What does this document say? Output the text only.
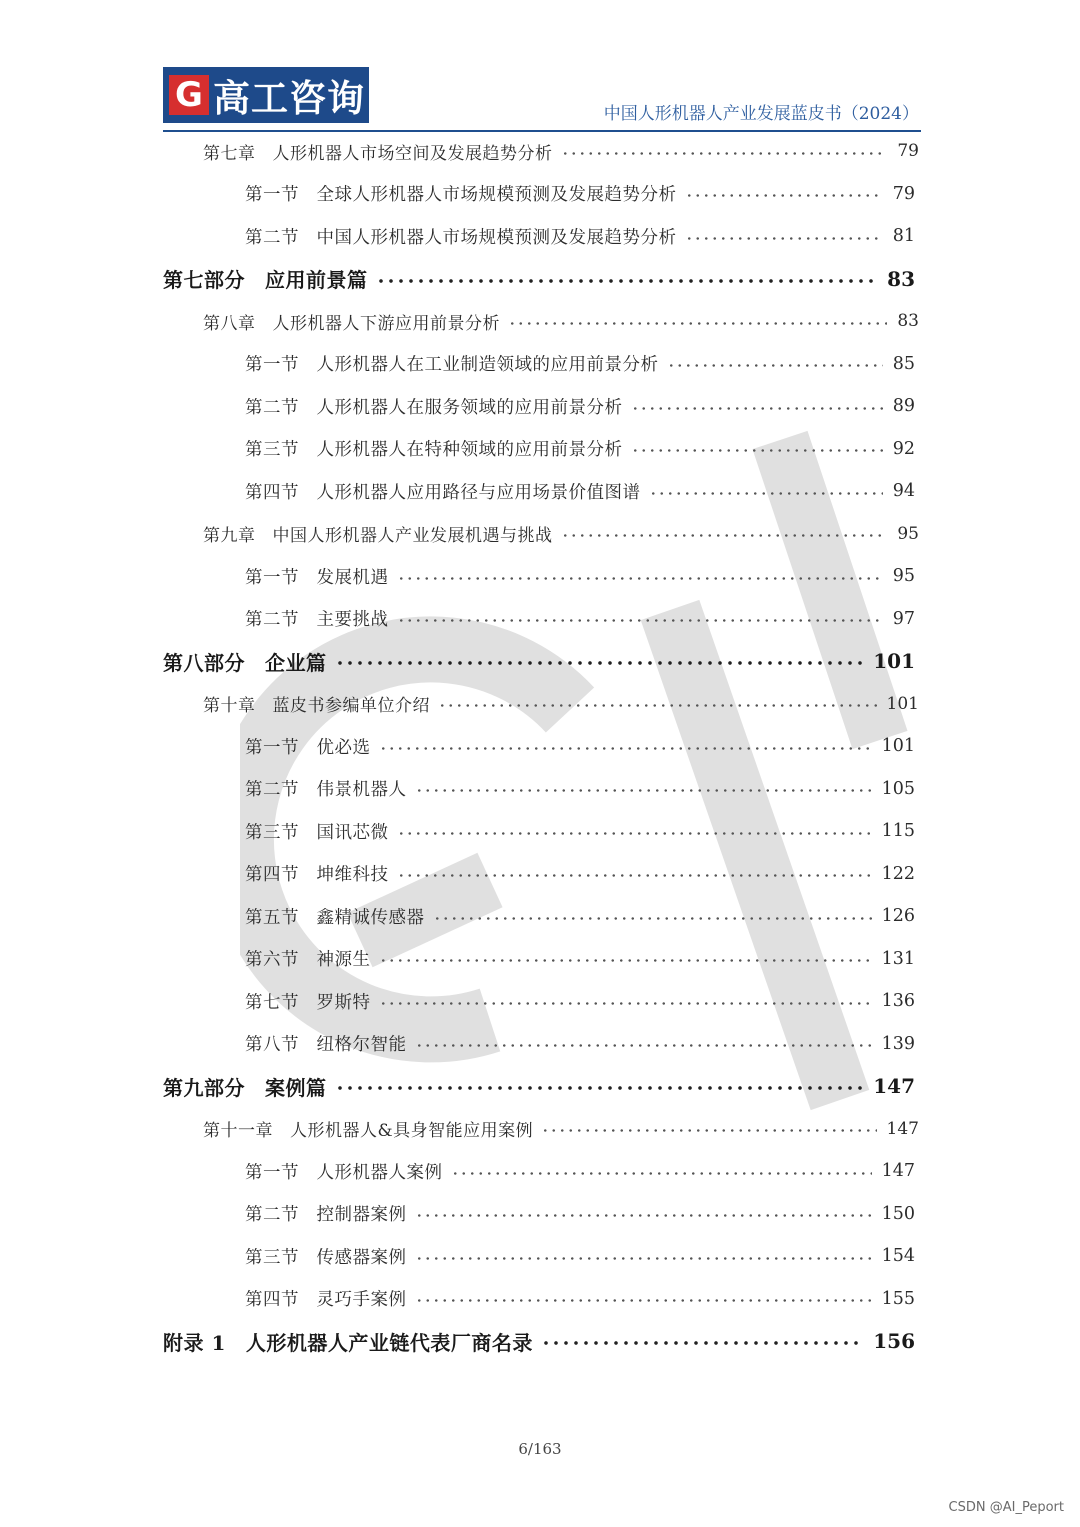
G 高工咨询	中国人形机器人产业发展蓝皮书（2024）
第七章 人形机器人市场空间及发展趋势分析	79
第一节 全球人形机器人市场规模预测及发展趋势分析	79
第二节 中国人形机器人市场规模预测及发展趋势分析	81
第七部分 应用前景篇	83
第八章 人形机器人下游应用前景分析	83
第一节 人形机器人在工业制造领域的应用前景分析	85
第二节 人形机器人在服务领域的应用前景分析	89
第三节 人形机器人在特种领域的应用前景分析	92
第四节 人形机器人应用路径与应用场景价值图谱	94
第九章 中国人形机器人产业发展机遇与挑战	95
第一节 发展机遇	95
第二节 主要挑战	97
第八部分 企业篇	101
第十章 蓝皮书参编单位介绍	101
第一节 优必选	101
第二节 伟景机器人	105
第三节 国讯芯微	115
第四节 坤维科技	122
第五节 鑫精诚传感器	126
第六节 神源生	131
第七节 罗斯特	136
第八节 纽格尔智能	139
第九部分 案例篇	147
第十一章 人形机器人&具身智能应用案例	147
第一节 人形机器人案例	147
第二节 控制器案例	150
第三节 传感器案例	154
第四节 灵巧手案例	155
附录 1 人形机器人产业链代表厂商名录	156
6/163
CSDN @AI_Peport
